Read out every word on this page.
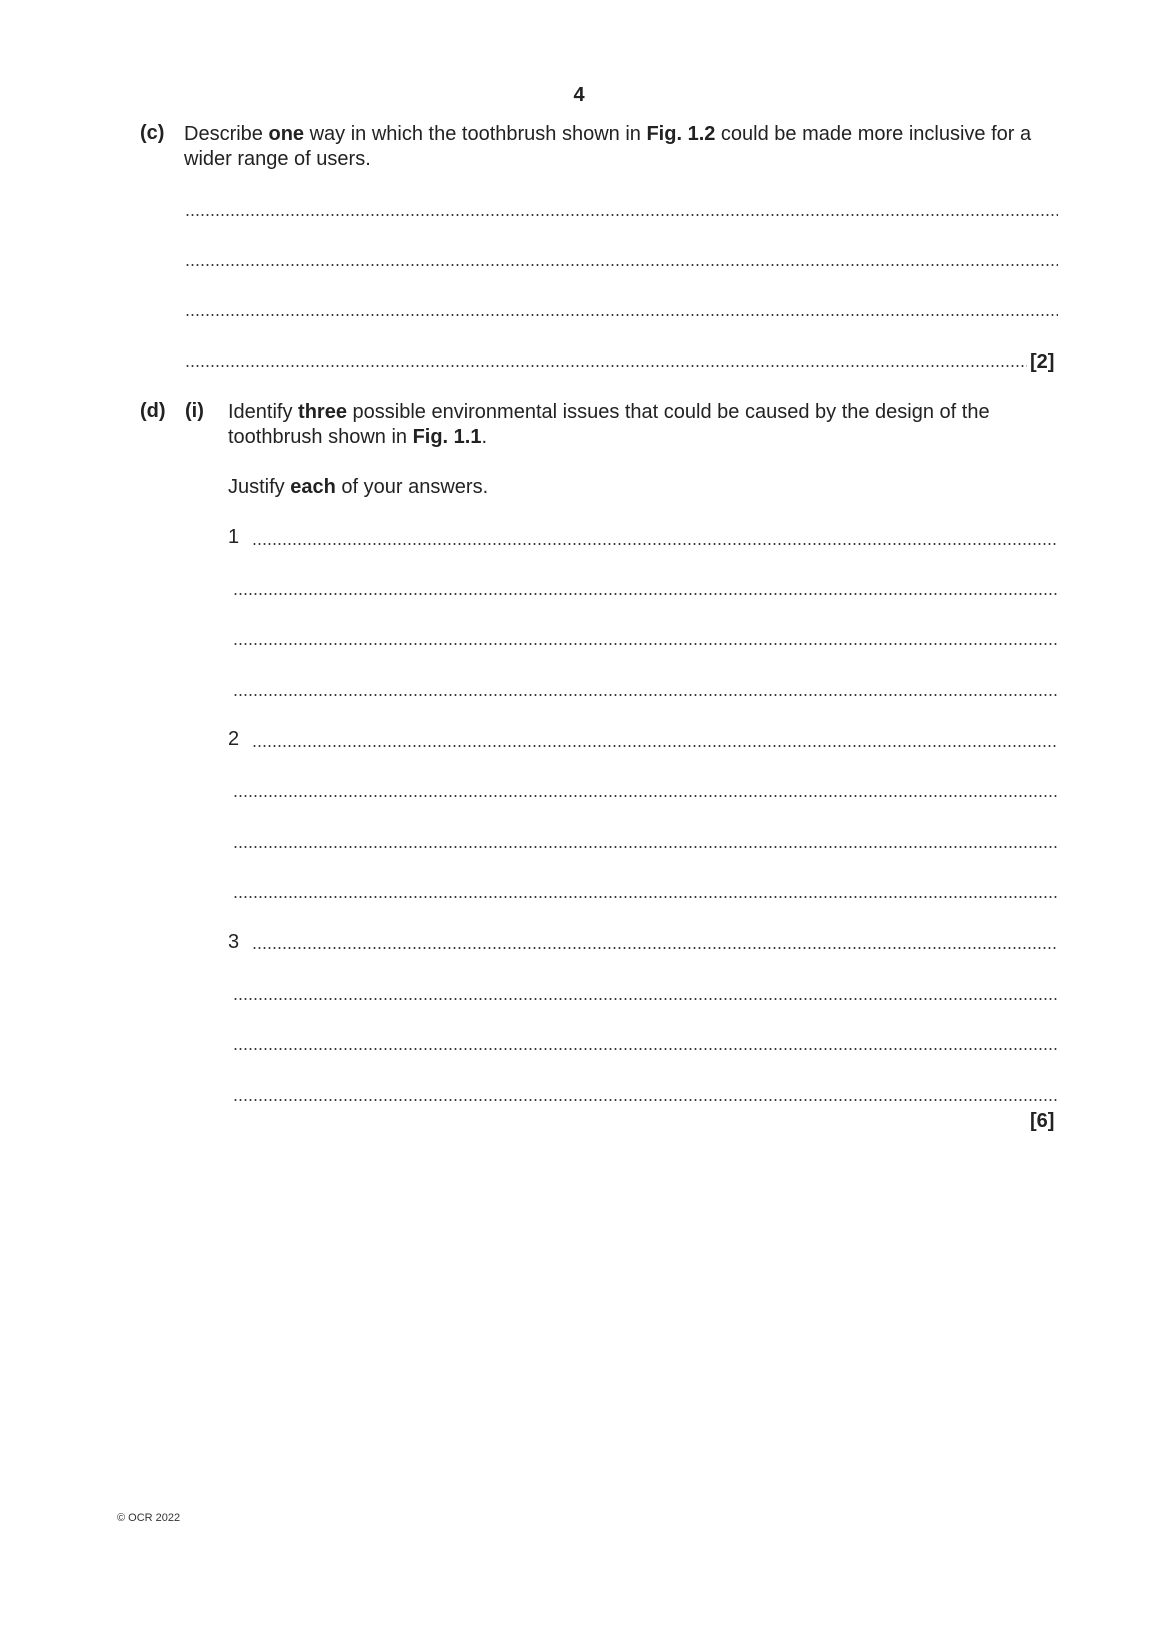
4
(c) Describe one way in which the toothbrush shown in Fig. 1.2 could be made more inclusive for a wider range of users.
[2]
(d) (i) Identify three possible environmental issues that could be caused by the design of the toothbrush shown in Fig. 1.1.
Justify each of your answers.
1
2
3
[6]
© OCR 2022
